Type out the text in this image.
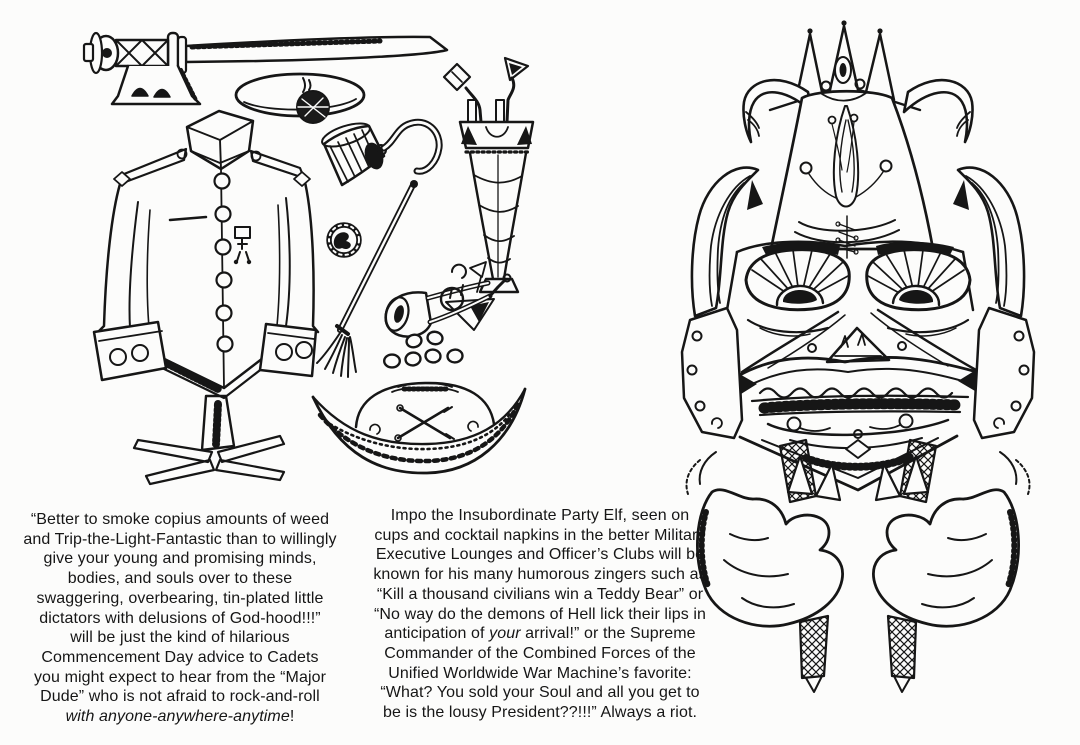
“Better to smoke copius amounts of weed
and Trip-the-Light-Fantastic than to willingly
give your young and promising minds,
bodies, and souls over to these
swaggering, overbearing, tin-plated little
dictators with delusions of God-hood!!!”
will be just the kind of hilarious
Commencement Day advice to Cadets
you might expect to hear from the “Major
Dude” who is not afraid to rock-and-roll
with anyone-anywhere-anytime!
Impo the Insubordinate Party Elf, seen on
cups and cocktail napkins in the better Military
Executive Lounges and Officer’s Clubs will be
known for his many humorous zingers such as
“Kill a thousand civilians win a Teddy Bear” or
“No way do the demons of Hell lick their lips in
anticipation of your arrival!” or the Supreme
Commander of the Combined Forces of the
Unified Worldwide War Machine’s favorite:
“What? You sold your Soul and all you get to
be is the lousy President??!!!” Always a riot.
